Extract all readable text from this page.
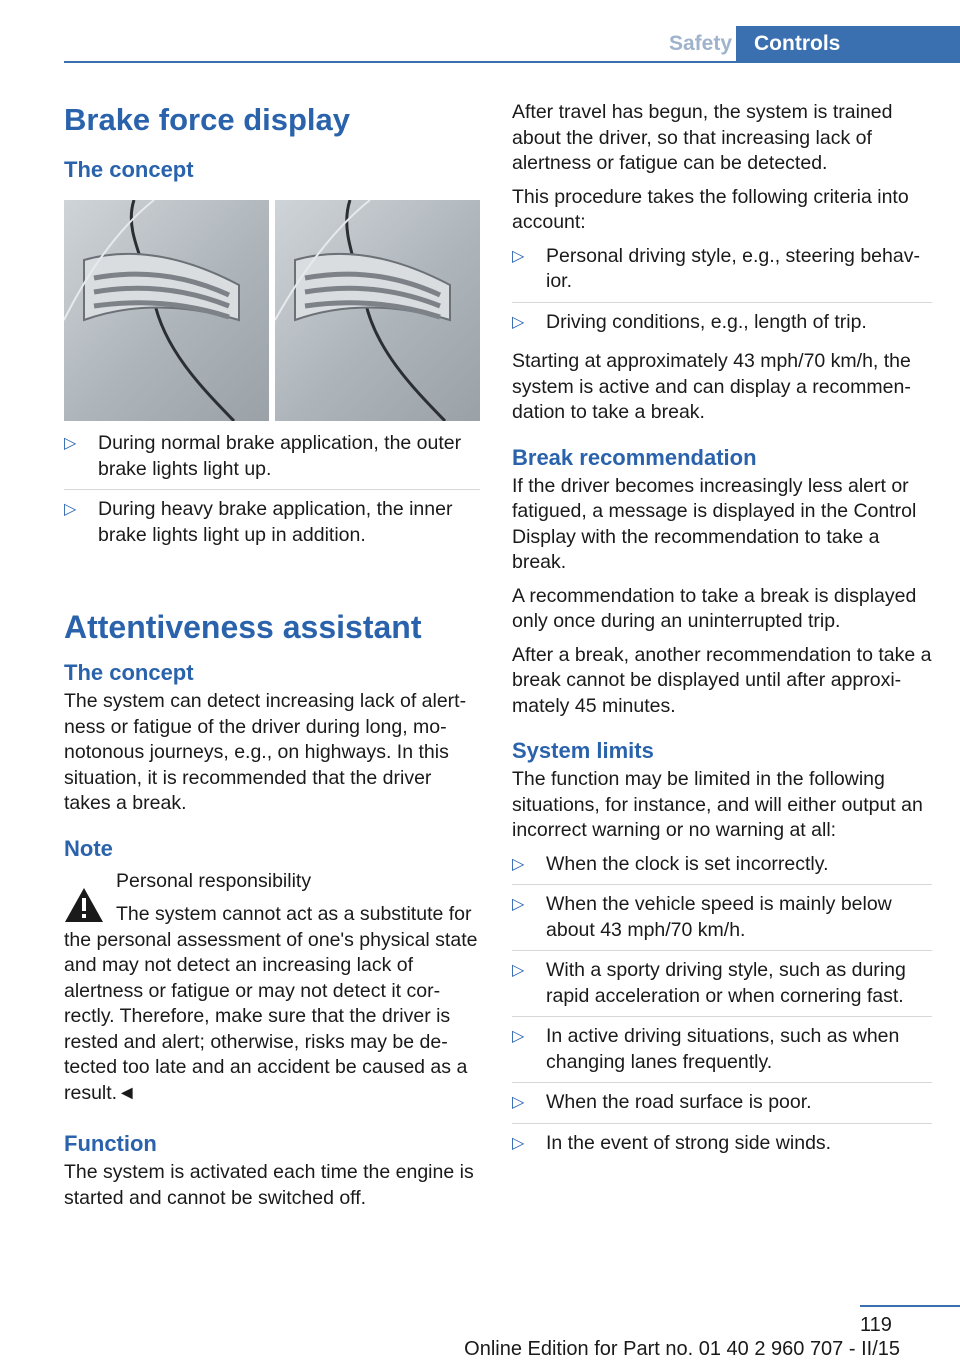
Safety	Controls
Brake force display
The concept
▷ During normal brake application, the outer brake lights light up.
▷ During heavy brake application, the inner brake lights light up in addition.
Attentiveness assistant
The concept

The system can detect increasing lack of alertness or fatigue of the driver during long, monotonous journeys, e.g., on highways. In this situation, it is recommended that the driver takes a break.

Note

Personal responsibility

The system cannot act as a substitute for the personal assessment of one's physical state and may not detect an increasing lack of alertness or fatigue or may not detect it correctly. Therefore, make sure that the driver is rested and alert; otherwise, risks may be detected too late and an accident be caused as a result.◄

Function

The system is activated each time the engine is started and cannot be switched off.

After travel has begun, the system is trained about the driver, so that increasing lack of alertness or fatigue can be detected.

This procedure takes the following criteria into account:

▷ Personal driving style, e.g., steering behavior.
▷ Driving conditions, e.g., length of trip.

Starting at approximately 43 mph/70 km/h, the system is active and can display a recommendation to take a break.

Break recommendation

If the driver becomes increasingly less alert or fatigued, a message is displayed in the Control Display with the recommendation to take a break.

A recommendation to take a break is displayed only once during an uninterrupted trip.

After a break, another recommendation to take a break cannot be displayed until after approximately 45 minutes.

System limits

The function may be limited in the following situations, for instance, and will either output an incorrect warning or no warning at all:

▷ When the clock is set incorrectly.
▷ When the vehicle speed is mainly below about 43 mph/70 km/h.
▷ With a sporty driving style, such as during rapid acceleration or when cornering fast.
▷ In active driving situations, such as when changing lanes frequently.
▷ When the road surface is poor.
▷ In the event of strong side winds.
119
Online Edition for Part no. 01 40 2 960 707 - II/15
